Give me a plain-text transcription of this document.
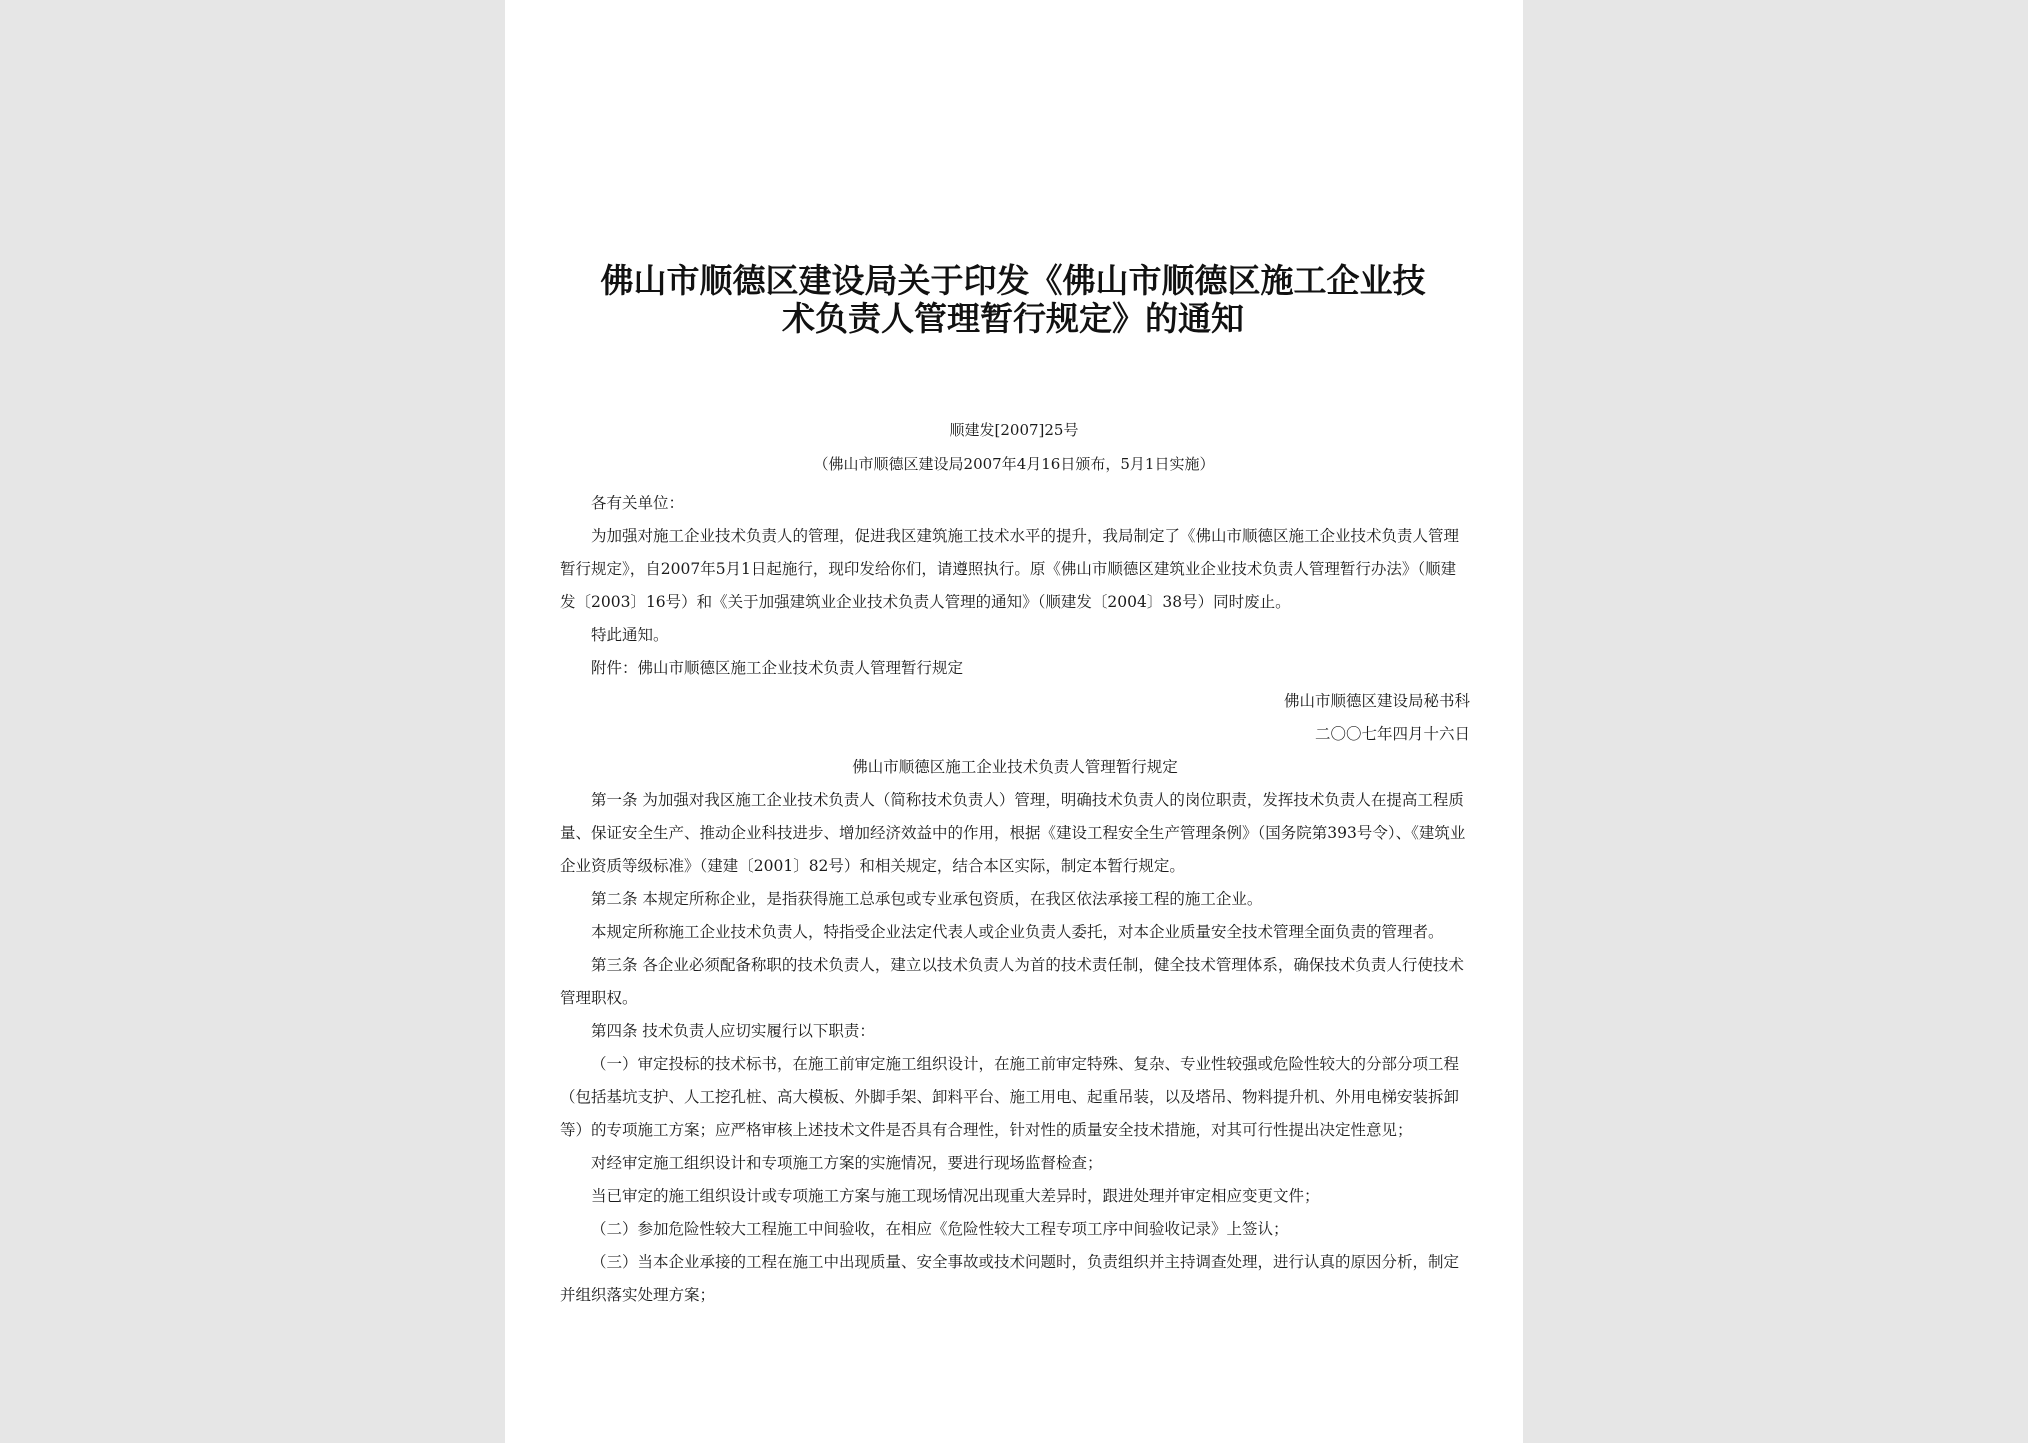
佛山市顺德区建设局关于印发《佛山市顺德区施工企业技术负责人管理暂行规定》的通知
顺建发[2007]25号
（佛山市顺德区建设局2007年4月16日颁布，5月1日实施）

各有关单位：

为加强对施工企业技术负责人的管理，促进我区建筑施工技术水平的提升，我局制定了《佛山市顺德区施工企业技术负责人管理暂行规定》，自2007年5月1日起施行，现印发给你们，请遵照执行。原《佛山市顺德区建筑业企业技术负责人管理暂行办法》（顺建发〔2003〕16号）和《关于加强建筑业企业技术负责人管理的通知》（顺建发〔2004〕38号）同时废止。

特此通知。

附件：佛山市顺德区施工企业技术负责人管理暂行规定

佛山市顺德区建设局秘书科

二〇〇七年四月十六日

佛山市顺德区施工企业技术负责人管理暂行规定

第一条 为加强对我区施工企业技术负责人（简称技术负责人）管理，明确技术负责人的岗位职责，发挥技术负责人在提高工程质量、保证安全生产、推动企业科技进步、增加经济效益中的作用，根据《建设工程安全生产管理条例》（国务院第393号令）、《建筑业企业资质等级标准》（建建〔2001〕82号）和相关规定，结合本区实际，制定本暂行规定。

第二条 本规定所称企业，是指获得施工总承包或专业承包资质，在我区依法承接工程的施工企业。

本规定所称施工企业技术负责人，特指受企业法定代表人或企业负责人委托，对本企业质量安全技术管理全面负责的管理者。

第三条 各企业必须配备称职的技术负责人，建立以技术负责人为首的技术责任制，健全技术管理体系，确保技术负责人行使技术管理职权。

第四条 技术负责人应切实履行以下职责：

（一）审定投标的技术标书，在施工前审定施工组织设计，在施工前审定特殊、复杂、专业性较强或危险性较大的分部分项工程（包括基坑支护、人工挖孔桩、高大模板、外脚手架、卸料平台、施工用电、起重吊装，以及塔吊、物料提升机、外用电梯安装拆卸等）的专项施工方案；应严格审核上述技术文件是否具有合理性，针对性的质量安全技术措施，对其可行性提出决定性意见；

对经审定施工组织设计和专项施工方案的实施情况，要进行现场监督检查；

当已审定的施工组织设计或专项施工方案与施工现场情况出现重大差异时，跟进处理并审定相应变更文件；

（二）参加危险性较大工程施工中间验收，在相应《危险性较大工程专项工序中间验收记录》上签认；

（三）当本企业承接的工程在施工中出现质量、安全事故或技术问题时，负责组织并主持调查处理，进行认真的原因分析，制定并组织落实处理方案；
